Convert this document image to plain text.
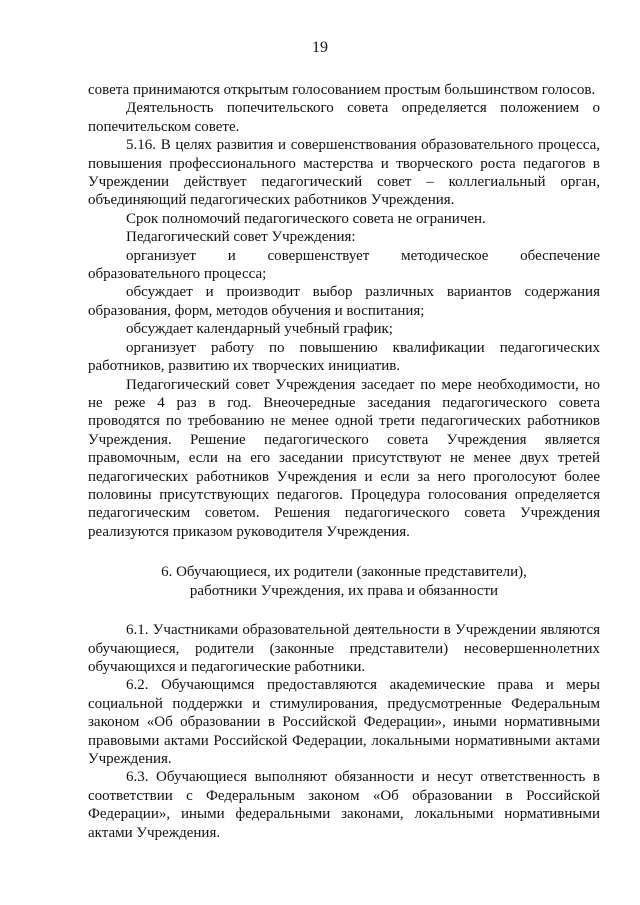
19

совета принимаются открытым голосованием простым большинством голосов.

Деятельность попечительского совета определяется положением о попечительском совете.

5.16. В целях развития и совершенствования образовательного процесса, повышения профессионального мастерства и творческого роста педагогов в Учреждении действует педагогический совет – коллегиальный орган, объединяющий педагогических работников Учреждения.

Срок полномочий педагогического совета не ограничен.

Педагогический совет Учреждения:

организует и совершенствует методическое обеспечение образовательного процесса;

обсуждает и производит выбор различных вариантов содержания образования, форм, методов обучения и воспитания;

обсуждает календарный учебный график;

организует работу по повышению квалификации педагогических работников, развитию их творческих инициатив.

Педагогический совет Учреждения заседает по мере необходимости, но не реже 4 раз в год. Внеочередные заседания педагогического совета проводятся по требованию не менее одной трети педагогических работников Учреждения. Решение педагогического совета Учреждения является правомочным, если на его заседании присутствуют не менее двух третей педагогических работников Учреждения и если за него проголосуют более половины присутствующих педагогов. Процедура голосования определяется педагогическим советом. Решения педагогического совета Учреждения реализуются приказом руководителя Учреждения.

6. Обучающиеся, их родители (законные представители),
работники Учреждения, их права и обязанности

6.1. Участниками образовательной деятельности в Учреждении являются обучающиеся, родители (законные представители) несовершеннолетних обучающихся и педагогические работники.

6.2. Обучающимся предоставляются академические права и меры социальной поддержки и стимулирования, предусмотренные Федеральным законом «Об образовании в Российской Федерации», иными нормативными правовыми актами Российской Федерации, локальными нормативными актами Учреждения.

6.3. Обучающиеся выполняют обязанности и несут ответственность в соответствии с Федеральным законом «Об образовании в Российской Федерации», иными федеральными законами, локальными нормативными актами Учреждения.
